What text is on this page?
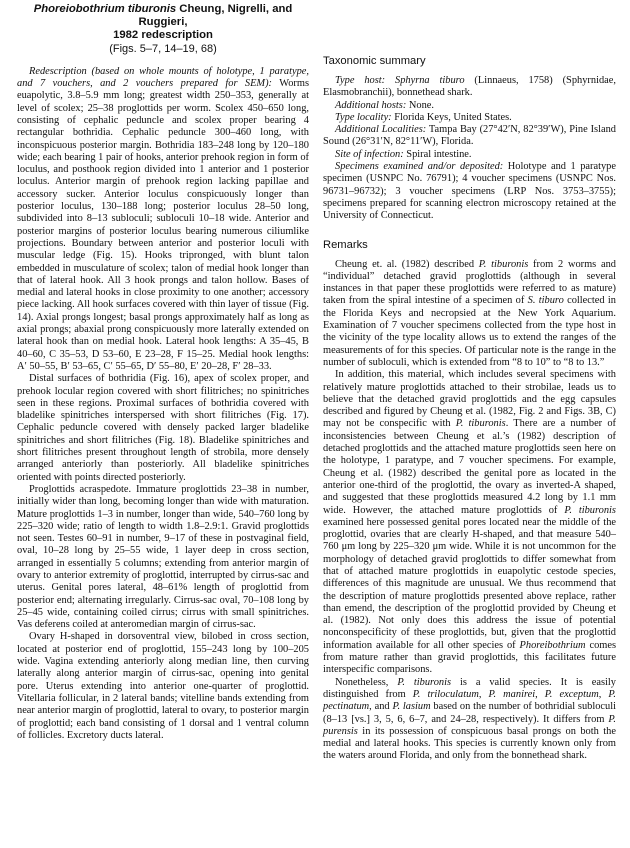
Phoreiobothrium tiburonis Cheung, Nigrelli, and Ruggieri,
1982 redescription
(Figs. 5–7, 14–19, 68)

Redescription (based on whole mounts of holotype, 1 paratype, and 7 vouchers, and 2 vouchers prepared for SEM): Worms euapolytic, 3.8–5.9 mm long; greatest width 250–353, generally at level of scolex; 25–38 proglottids per worm. Scolex 450–650 long, consisting of cephalic peduncle and scolex proper bearing 4 rectangular bothridia. Cephalic peduncle 300–460 long, with inconspicuous posterior margin. Bothridia 183–248 long by 120–180 wide; each bearing 1 pair of hooks, anterior prehook region in form of loculus, and posthook region divided into 1 anterior and 1 posterior loculus. Anterior margin of prehook region lacking papillae and accessory sucker. Anterior loculus conspicuously longer than posterior loculus, 130–188 long; posterior loculus 28–50 long, subdivided into 8–13 subloculi; subloculi 10–18 wide. Anterior and posterior margins of posterior loculus bearing numerous ciliumlike projections. Boundary between anterior and posterior loculi with muscular ledge (Fig. 15). Hooks tripronged, with blunt talon embedded in musculature of scolex; talon of medial hook longer than that of lateral hook. All 3 hook prongs and talon hollow. Bases of medial and lateral hooks in close proximity to one another; accessory piece lacking. All hook surfaces covered with thin layer of tissue (Fig. 14). Axial prongs longest; basal prongs approximately half as long as axial prongs; abaxial prong conspicuously more laterally extended on lateral hook than on medial hook. Lateral hook lengths: A 35–45, B 40–60, C 35–53, D 53–60, E 23–28, F 15–25. Medial hook lengths: A′ 50–55, B′ 53–65, C′ 55–65, D′ 55–80, E′ 20–28, F′ 28–33.

Distal surfaces of bothridia (Fig. 16), apex of scolex proper, and prehook locular region covered with short filitriches; no spinitriches seen in these regions. Proximal surfaces of bothridia covered with bladelike spinitriches interspersed with short filitriches (Fig. 17). Cephalic peduncle covered with densely packed larger bladelike spinitriches and short filitriches (Fig. 18). Bladelike spinitriches and short filitriches present throughout length of strobila, more densely arranged anteriorly than posteriorly. All bladelike spinitriches oriented with points directed posteriorly.

Proglottids acraspedote. Immature proglottids 23–38 in number, initially wider than long, becoming longer than wide with maturation. Mature proglottids 1–3 in number, longer than wide, 540–760 long by 225–320 wide; ratio of length to width 1.8–2.9:1. Gravid proglottids not seen. Testes 60–91 in number, 9–17 of these in postvaginal field, oval, 10–28 long by 25–55 wide, 1 layer deep in cross section, arranged in essentially 5 columns; extending from anterior margin of ovary to anterior extremity of proglottid, interrupted by cirrus-sac and uterus. Genital pores lateral, 48–61% length of proglottid from posterior end; alternating irregularly. Cirrus-sac oval, 70–108 long by 25–45 wide, containing coiled cirrus; cirrus with small spinitriches. Vas deferens coiled at anteromedian margin of cirrus-sac.

Ovary H-shaped in dorsoventral view, bilobed in cross section, located at posterior end of proglottid, 155–243 long by 100–205 wide. Vagina extending anteriorly along median line, then curving laterally along anterior margin of cirrus-sac, opening into genital pore. Uterus extending into anterior one-quarter of proglottid. Vitellaria follicular, in 2 lateral bands; vitelline bands extending from near anterior margin of proglottid, lateral to ovary, to posterior margin of proglottid; each band consisting of 1 dorsal and 1 ventral column of follicles. Excretory ducts lateral.

Taxonomic summary

Type host: Sphyrna tiburo (Linnaeus, 1758) (Sphyrnidae, Elasmobranchii), bonnethead shark.

Additional hosts: None.

Type locality: Florida Keys, United States.

Additional Localities: Tampa Bay (27°42′N, 82°39′W), Pine Island Sound (26°31′N, 82°11′W), Florida.

Site of infection: Spiral intestine.

Specimens examined and/or deposited: Holotype and 1 paratype specimen (USNPC No. 76791); 4 voucher specimens (USNPC Nos. 96731–96732); 3 voucher specimens (LRP Nos. 3753–3755); specimens prepared for scanning electron microscopy retained at the University of Connecticut.

Remarks

Cheung et. al. (1982) described P. tiburonis from 2 worms and “individual” detached gravid proglottids (although in several instances in that paper these proglottids were referred to as mature) taken from the spiral intestine of a specimen of S. tiburo collected in the Florida Keys and necropsied at the New York Aquarium. Examination of 7 voucher specimens collected from the type host in the vicinity of the type locality allows us to extend the ranges of the measurements of for this species. Of particular note is the range in the number of subloculi, which is extended from “8 to 10” to “8 to 13.”

In addition, this material, which includes several specimens with relatively mature proglottids attached to their strobilae, leads us to believe that the detached gravid proglottids and the egg capsules described and figured by Cheung et al. (1982, Fig. 2 and Figs. 3B, C) may not be conspecific with P. tiburonis. There are a number of inconsistencies between Cheung et al.’s (1982) description of detached proglottids and the attached mature proglottids seen here on the holotype, 1 paratype, and 7 voucher specimens. For example, Cheung et al. (1982) described the genital pore as located in the anterior one-third of the proglottid, the ovary as inverted-A shaped, and suggested that these proglottids measured 4.2 long by 1.1 mm wide. However, the attached mature proglottids of P. tiburonis examined here possessed genital pores located near the middle of the proglottid, ovaries that are clearly H-shaped, and that measure 540–760 μm long by 225–320 μm wide. While it is not uncommon for the morphology of detached gravid proglottids to differ somewhat from that of attached mature proglottids in euapolytic cestode species, differences of this magnitude are unusual. We thus recommend that the description of mature proglottids presented above replace, rather than emend, the description of the proglottid provided by Cheung et al. (1982). Not only does this address the issue of potential nonconspecificity of these proglottids, but, given that the proglottid information available for all other species of Phoreibothrium comes from mature rather than gravid proglottids, this facilitates future interspecific comparisons.

Nonetheless, P. tiburonis is a valid species. It is easily distinguished from P. triloculatum, P. manirei, P. exceptum, P. pectinatum, and P. lasium based on the number of bothridial subloculi (8–13 [vs.] 3, 5, 6, 6–7, and 24–28, respectively). It differs from P. purensis in its possession of conspicuous basal prongs on both the medial and lateral hooks. This species is currently known only from the waters around Florida, and only from the bonnethead shark.
